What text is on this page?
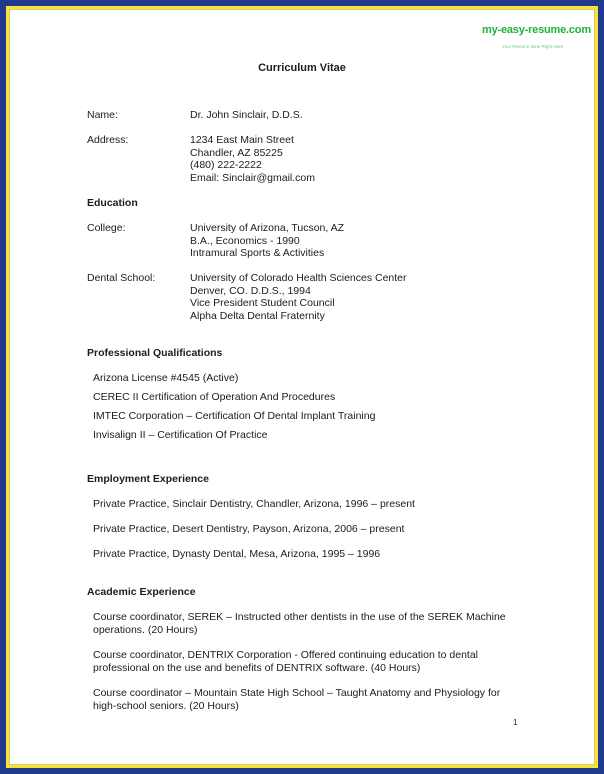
my-easy-resume.com
Your Resume done Right Here
Curriculum Vitae
Name:	Dr. John Sinclair, D.D.S.
Address:	1234 East Main Street
Chandler, AZ 85225
(480) 222-2222
Email: Sinclair@gmail.com
Education
College:	University of Arizona, Tucson, AZ
B.A., Economics - 1990
Intramural Sports & Activities
Dental School:	University of Colorado Health Sciences Center
Denver, CO. D.D.S., 1994
Vice President Student Council
Alpha Delta Dental Fraternity
Professional Qualifications
Arizona License #4545 (Active)
CEREC II Certification of Operation And Procedures
IMTEC Corporation – Certification Of Dental Implant Training
Invisalign II – Certification Of Practice
Employment Experience
Private Practice, Sinclair Dentistry, Chandler, Arizona, 1996 – present
Private Practice, Desert Dentistry, Payson, Arizona, 2006 – present
Private Practice, Dynasty Dental, Mesa, Arizona, 1995 – 1996
Academic Experience
Course coordinator, SEREK – Instructed other dentists in the use of the SEREK Machine
operations. (20 Hours)
Course coordinator, DENTRIX Corporation - Offered continuing education to dental
professional on the use and benefits of DENTRIX software. (40 Hours)
Course coordinator – Mountain State High School – Taught Anatomy and Physiology for
high-school seniors. (20 Hours)
1
